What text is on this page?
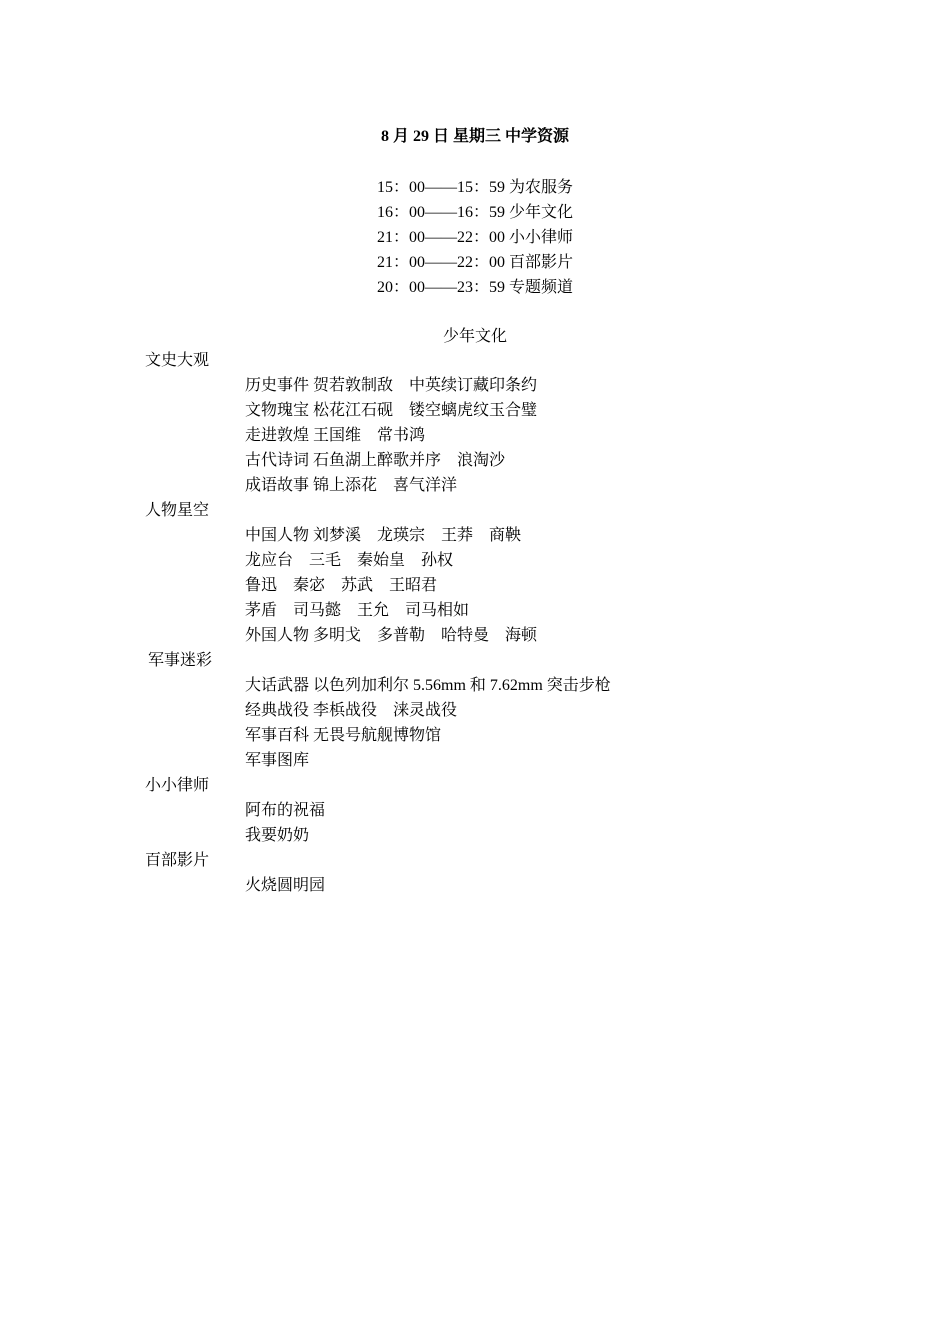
8 月 29 日 星期三 中学资源
15：00——15：59 为农服务
16：00——16：59 少年文化
21：00——22：00 小小律师
21：00——22：00 百部影片
20：00——23：59 专题频道
少年文化
文史大观
历史事件 贺若敦制敌　中英续订藏印条约
文物瑰宝 松花江石砚　镂空螭虎纹玉合璧
走进敦煌 王国维　常书鸿
古代诗词 石鱼湖上醉歌并序　浪淘沙
成语故事 锦上添花　喜气洋洋
人物星空
中国人物 刘梦溪　龙瑛宗　王莽　商鞅
龙应台　三毛　秦始皇　孙权
鲁迅　秦宓　苏武　王昭君
茅盾　司马懿　王允　司马相如
外国人物 多明戈　多普勒　哈特曼　海顿
军事迷彩
大话武器 以色列加利尔 5.56mm 和 7.62mm 突击步枪
经典战役 李梹战役　涞灵战役
军事百科 无畏号航舰博物馆
军事图库
小小律师
阿布的祝福
我要奶奶
百部影片
火烧圆明园
